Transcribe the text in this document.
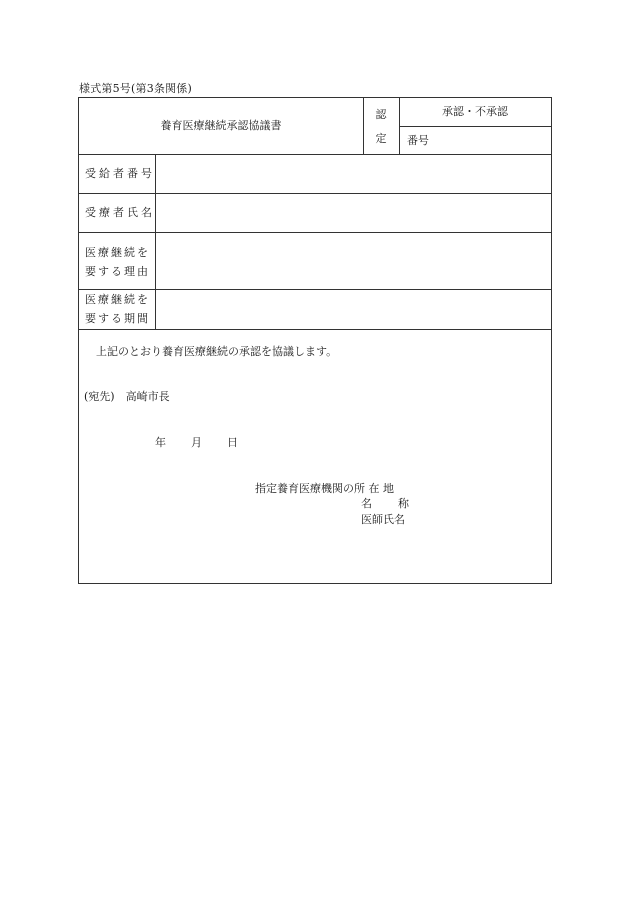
様式第5号(第3条関係)
養育医療継続承認協議書
認
定
承認・不承認
番号
受給者番号
受療者氏名
医療継続を
要する理由
医療継続を
要する期間
上記のとおり養育医療継続の承認を協議します。
(宛先)　高崎市長
年 月 日
指定養育医療機関の所 在 地
名　　称
医師氏名
